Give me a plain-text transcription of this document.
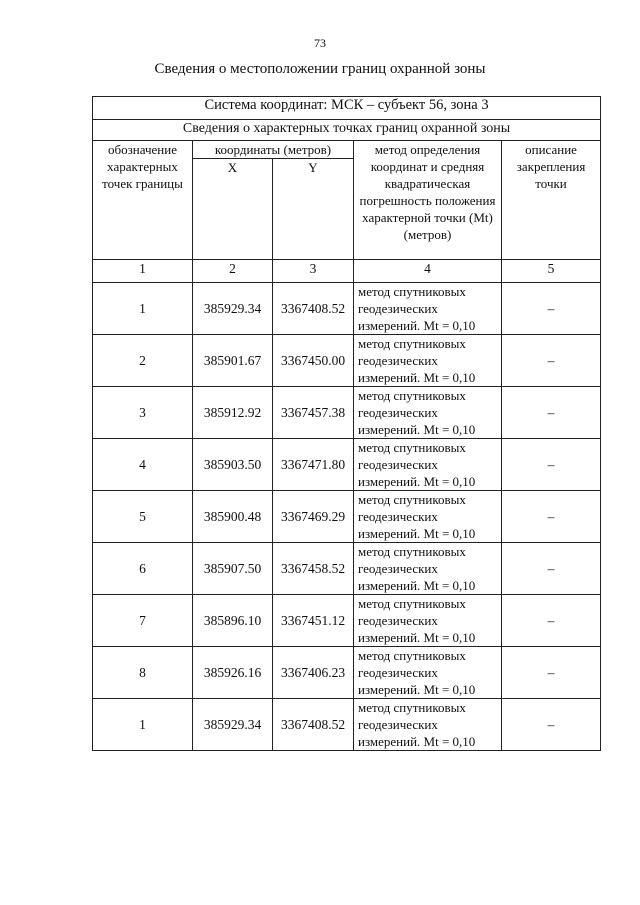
73
Сведения о местоположении границ охранной зоны
Система координат: МСК – субъект 56, зона 3				
Сведения о характерных точках границ охранной зоны				
обозначение характерных точек границы	координаты (метров)		метод определения координат и средняя квадратическая погрешность положения характерной точки (Mt) (метров)	описание закрепления точки
	X	Y		
1	2	3	4	5
1	385929.34	3367408.52	метод спутниковых геодезических измерений. Mt = 0,10	–
2	385901.67	3367450.00	метод спутниковых геодезических измерений. Mt = 0,10	–
3	385912.92	3367457.38	метод спутниковых геодезических измерений. Mt = 0,10	–
4	385903.50	3367471.80	метод спутниковых геодезических измерений. Mt = 0,10	–
5	385900.48	3367469.29	метод спутниковых геодезических измерений. Mt = 0,10	–
6	385907.50	3367458.52	метод спутниковых геодезических измерений. Mt = 0,10	–
7	385896.10	3367451.12	метод спутниковых геодезических измерений. Mt = 0,10	–
8	385926.16	3367406.23	метод спутниковых геодезических измерений. Mt = 0,10	–
1	385929.34	3367408.52	метод спутниковых геодезических измерений. Mt = 0,10	–
